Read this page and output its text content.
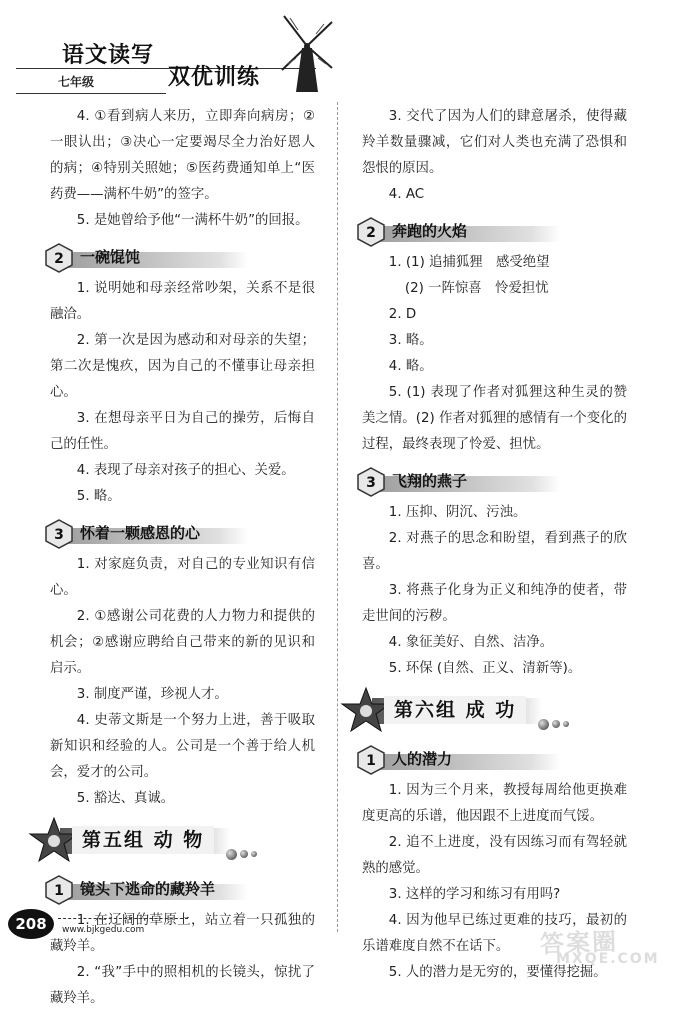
语文读写
双优训练
七年级

4. ①看到病人来历，立即奔向病房；②一眼认出；③决心一定要竭尽全力治好恩人的病；④特别关照她；⑤医药费通知单上“医药费——满杯牛奶”的签字。

5. 是她曾给予他“一满杯牛奶”的回报。

2 一碗馄饨

1. 说明她和母亲经常吵架，关系不是很融洽。

2. 第一次是因为感动和对母亲的失望；第二次是愧疚，因为自己的不懂事让母亲担心。

3. 在想母亲平日为自己的操劳，后悔自己的任性。

4. 表现了母亲对孩子的担心、关爱。

5. 略。

3 怀着一颗感恩的心

1. 对家庭负责，对自己的专业知识有信心。

2. ①感谢公司花费的人力物力和提供的机会；②感谢应聘给自己带来的新的见识和启示。

3. 制度严谨，珍视人才。

4. 史蒂文斯是一个努力上进，善于吸取新知识和经验的人。公司是一个善于给人机会，爱才的公司。

5. 豁达、真诚。

第五组 动 物
1 镜头下逃命的藏羚羊

1. 在辽阔的草原上，站立着一只孤独的藏羚羊。

2. “我”手中的照相机的长镜头，惊扰了藏羚羊。

3. 交代了因为人们的肆意屠杀，使得藏羚羊数量骤减，它们对人类也充满了恐惧和怨恨的原因。

4. AC

2 奔跑的火焰

1. (1) 追捕狐狸　感受绝望

(2) 一阵惊喜　怜爱担忧

2. D

3. 略。

4. 略。

5. (1) 表现了作者对狐狸这种生灵的赞美之情。(2) 作者对狐狸的感情有一个变化的过程，最终表现了怜爱、担忧。

3 飞翔的燕子

1. 压抑、阴沉、污浊。

2. 对燕子的思念和盼望，看到燕子的欣喜。

3. 将燕子化身为正义和纯净的使者，带走世间的污秽。

4. 象征美好、自然、洁净。

5. 环保 (自然、正义、清新等)。

第六组 成 功
1 人的潜力

1. 因为三个月来，教授每周给他更换难度更高的乐谱，他因跟不上进度而气馁。

2. 追不上进度，没有因练习而有驾轻就熟的感觉。

3. 这样的学习和练习有用吗?

4. 因为他早已练过更难的技巧，最初的乐谱难度自然不在话下。

5. 人的潜力是无穷的，要懂得挖掘。

208	www.bjkgedu.com	答案圈
MXQE.COM
